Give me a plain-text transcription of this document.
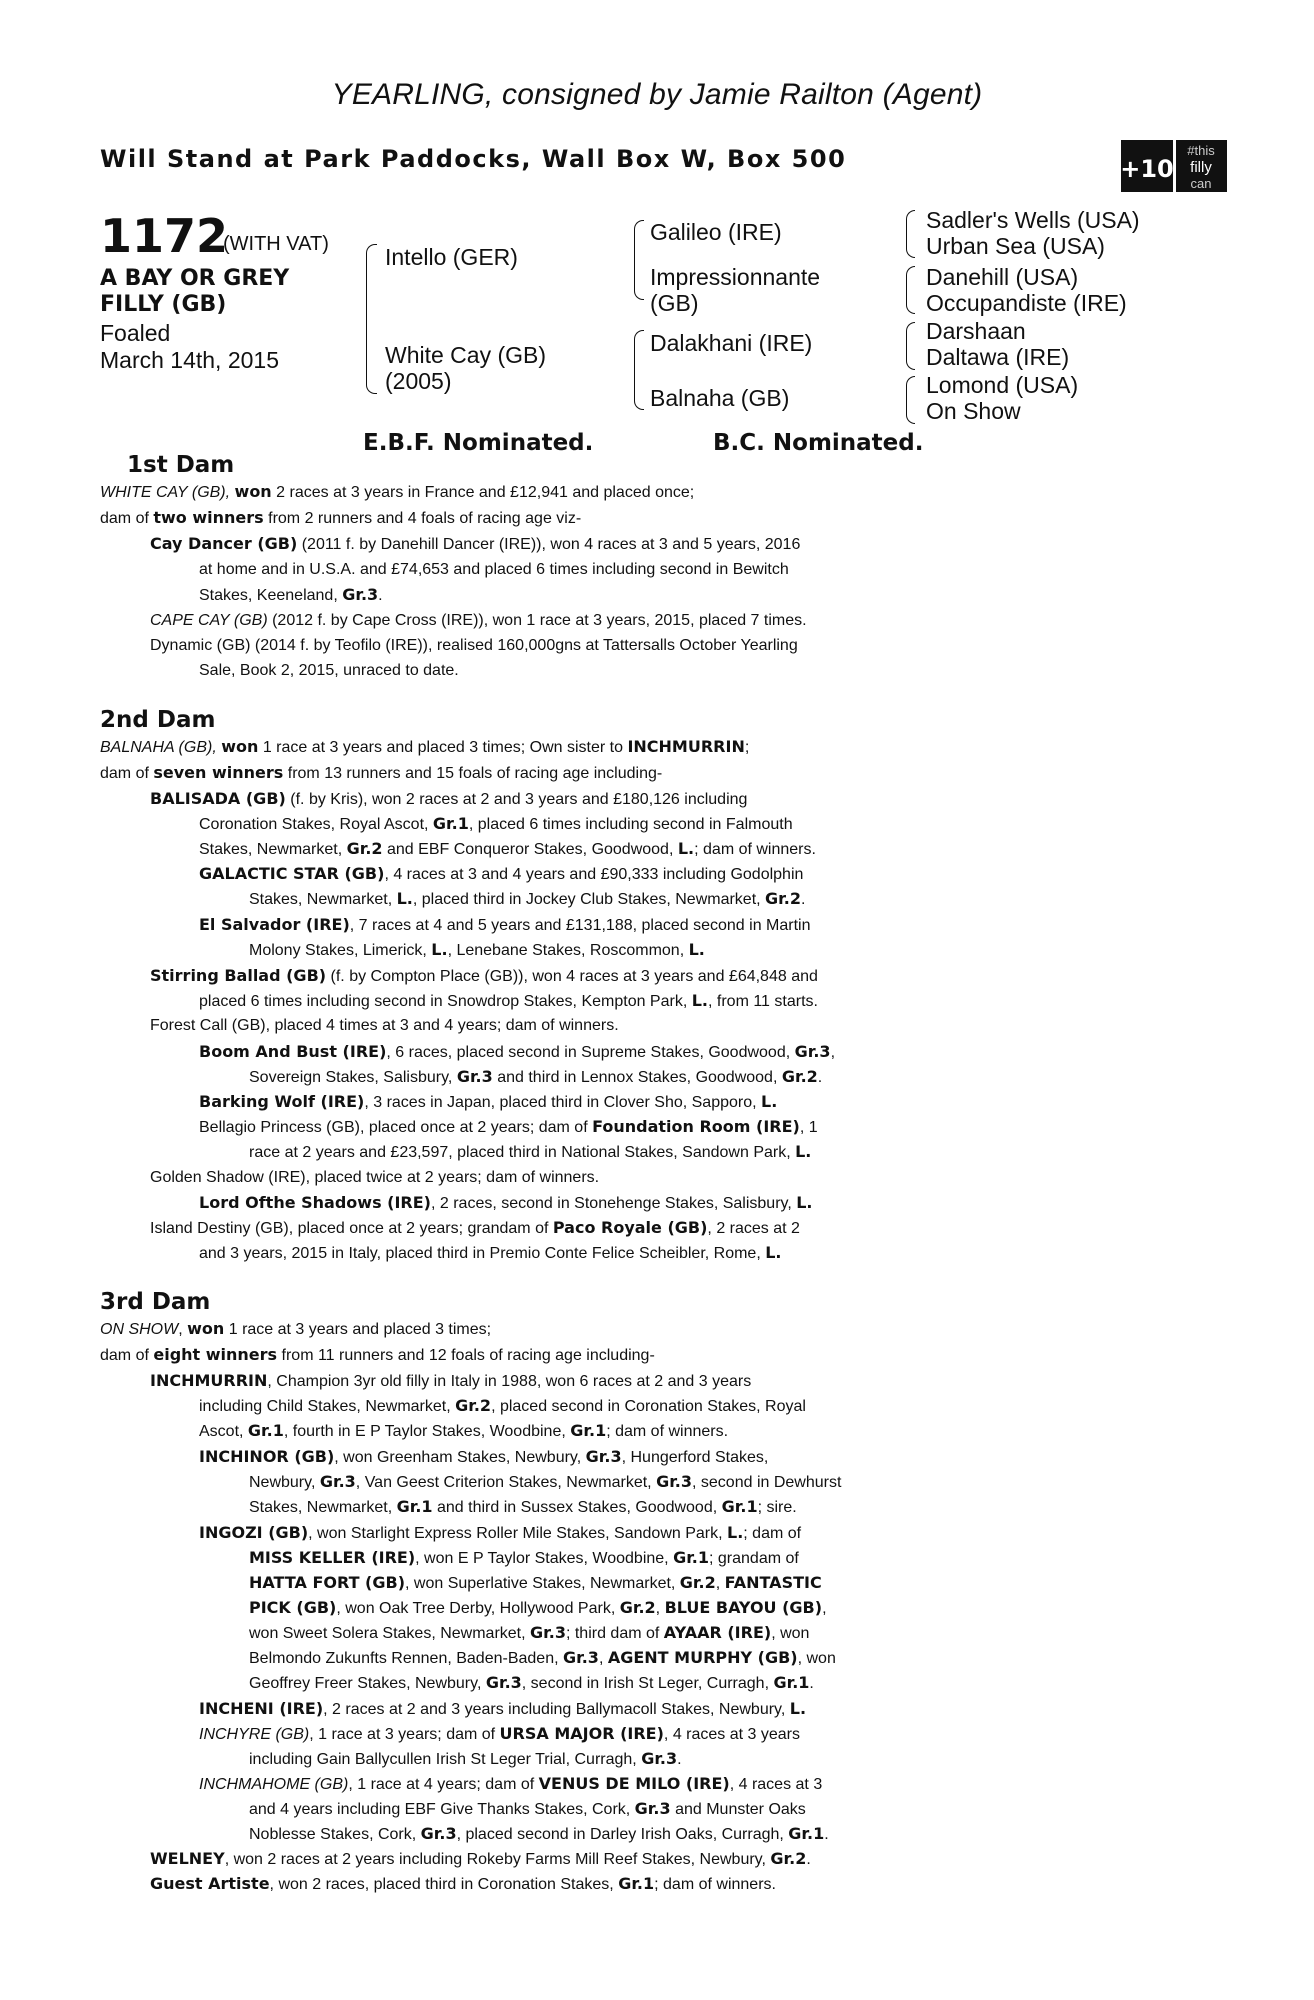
YEARLING, consigned by Jamie Railton (Agent)
Will Stand at Park Paddocks, Wall Box W, Box 500	+10
#this
filly
can
1172
(WITH VAT)
A BAY OR GREY
FILLY (GB)
Foaled
March 14th, 2015
Intello (GER)
White Cay (GB)
(2005)
Galileo (IRE)
Impressionnante
(GB)
Dalakhani (IRE)
Balnaha (GB)
Sadler's Wells (USA)
Urban Sea (USA)
Danehill (USA)
Occupandiste (IRE)
Darshaan
Daltawa (IRE)
Lomond (USA)
On Show
E.B.F. Nominated.	B.C. Nominated.
1st Dam
WHITE CAY (GB), won 2 races at 3 years in France and £12,941 and placed once;
dam of two winners from 2 runners and 4 foals of racing age viz-
Cay Dancer (GB) (2011 f. by Danehill Dancer (IRE)), won 4 races at 3 and 5 years, 2016
at home and in U.S.A. and £74,653 and placed 6 times including second in Bewitch
Stakes, Keeneland, Gr.3.
CAPE CAY (GB) (2012 f. by Cape Cross (IRE)), won 1 race at 3 years, 2015, placed 7 times.
Dynamic (GB) (2014 f. by Teofilo (IRE)), realised 160,000gns at Tattersalls October Yearling
Sale, Book 2, 2015, unraced to date.
2nd Dam
BALNAHA (GB), won 1 race at 3 years and placed 3 times; Own sister to INCHMURRIN;
dam of seven winners from 13 runners and 15 foals of racing age including-
BALISADA (GB) (f. by Kris), won 2 races at 2 and 3 years and £180,126 including
Coronation Stakes, Royal Ascot, Gr.1, placed 6 times including second in Falmouth
Stakes, Newmarket, Gr.2 and EBF Conqueror Stakes, Goodwood, L.; dam of winners.
GALACTIC STAR (GB), 4 races at 3 and 4 years and £90,333 including Godolphin
Stakes, Newmarket, L., placed third in Jockey Club Stakes, Newmarket, Gr.2.
El Salvador (IRE), 7 races at 4 and 5 years and £131,188, placed second in Martin
Molony Stakes, Limerick, L., Lenebane Stakes, Roscommon, L.
Stirring Ballad (GB) (f. by Compton Place (GB)), won 4 races at 3 years and £64,848 and
placed 6 times including second in Snowdrop Stakes, Kempton Park, L., from 11 starts.
Forest Call (GB), placed 4 times at 3 and 4 years; dam of winners.
Boom And Bust (IRE), 6 races, placed second in Supreme Stakes, Goodwood, Gr.3,
Sovereign Stakes, Salisbury, Gr.3 and third in Lennox Stakes, Goodwood, Gr.2.
Barking Wolf (IRE), 3 races in Japan, placed third in Clover Sho, Sapporo, L.
Bellagio Princess (GB), placed once at 2 years; dam of Foundation Room (IRE), 1
race at 2 years and £23,597, placed third in National Stakes, Sandown Park, L.
Golden Shadow (IRE), placed twice at 2 years; dam of winners.
Lord Ofthe Shadows (IRE), 2 races, second in Stonehenge Stakes, Salisbury, L.
Island Destiny (GB), placed once at 2 years; grandam of Paco Royale (GB), 2 races at 2
and 3 years, 2015 in Italy, placed third in Premio Conte Felice Scheibler, Rome, L.
3rd Dam
ON SHOW, won 1 race at 3 years and placed 3 times;
dam of eight winners from 11 runners and 12 foals of racing age including-
INCHMURRIN, Champion 3yr old filly in Italy in 1988, won 6 races at 2 and 3 years
including Child Stakes, Newmarket, Gr.2, placed second in Coronation Stakes, Royal
Ascot, Gr.1, fourth in E P Taylor Stakes, Woodbine, Gr.1; dam of winners.
INCHINOR (GB), won Greenham Stakes, Newbury, Gr.3, Hungerford Stakes,
Newbury, Gr.3, Van Geest Criterion Stakes, Newmarket, Gr.3, second in Dewhurst
Stakes, Newmarket, Gr.1 and third in Sussex Stakes, Goodwood, Gr.1; sire.
INGOZI (GB), won Starlight Express Roller Mile Stakes, Sandown Park, L.; dam of
MISS KELLER (IRE), won E P Taylor Stakes, Woodbine, Gr.1; grandam of
HATTA FORT (GB), won Superlative Stakes, Newmarket, Gr.2, FANTASTIC
PICK (GB), won Oak Tree Derby, Hollywood Park, Gr.2, BLUE BAYOU (GB),
won Sweet Solera Stakes, Newmarket, Gr.3; third dam of AYAAR (IRE), won
Belmondo Zukunfts Rennen, Baden-Baden, Gr.3, AGENT MURPHY (GB), won
Geoffrey Freer Stakes, Newbury, Gr.3, second in Irish St Leger, Curragh, Gr.1.
INCHENI (IRE), 2 races at 2 and 3 years including Ballymacoll Stakes, Newbury, L.
INCHYRE (GB), 1 race at 3 years; dam of URSA MAJOR (IRE), 4 races at 3 years
including Gain Ballycullen Irish St Leger Trial, Curragh, Gr.3.
INCHMAHOME (GB), 1 race at 4 years; dam of VENUS DE MILO (IRE), 4 races at 3
and 4 years including EBF Give Thanks Stakes, Cork, Gr.3 and Munster Oaks
Noblesse Stakes, Cork, Gr.3, placed second in Darley Irish Oaks, Curragh, Gr.1.
WELNEY, won 2 races at 2 years including Rokeby Farms Mill Reef Stakes, Newbury, Gr.2.
Guest Artiste, won 2 races, placed third in Coronation Stakes, Gr.1; dam of winners.
